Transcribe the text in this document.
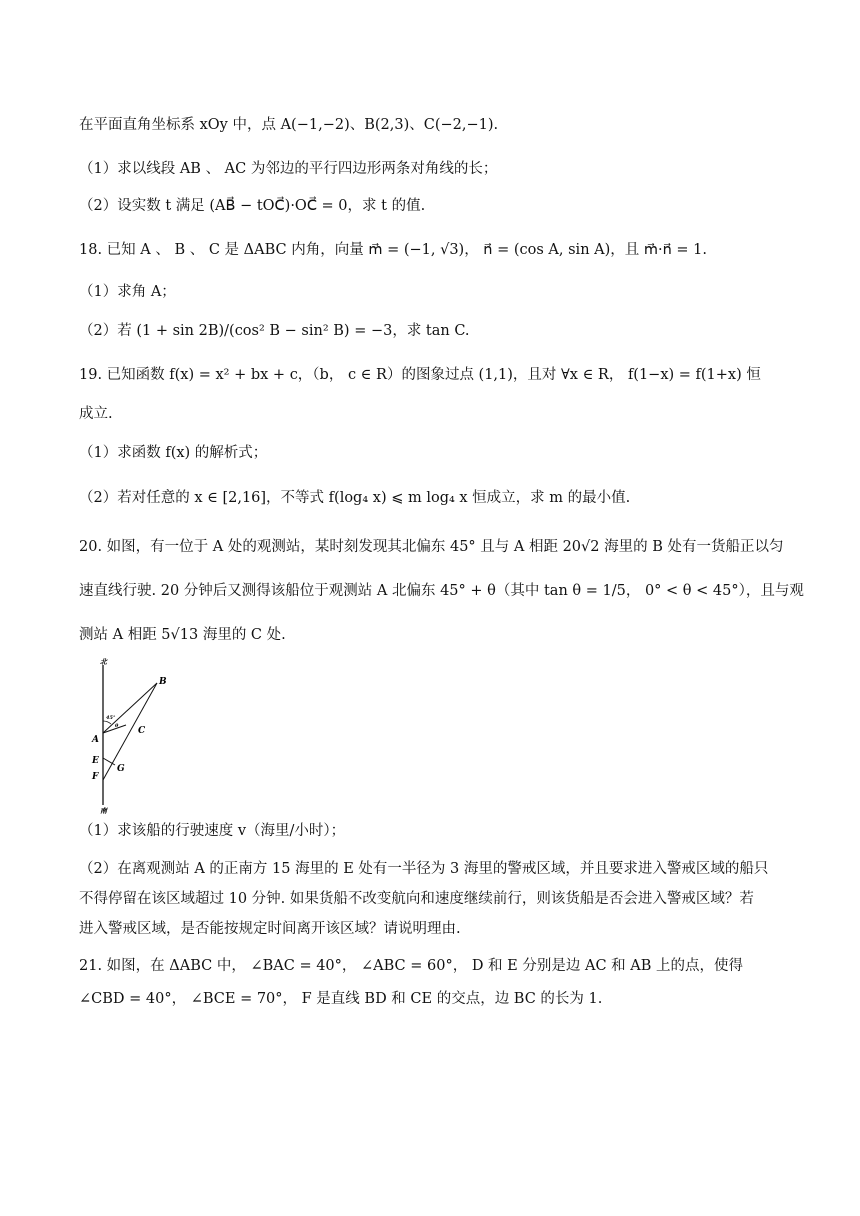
在平面直角坐标系 xOy 中，点 A(−1,−2)、B(2,3)、C(−2,−1).
（1）求以线段 AB 、 AC 为邻边的平行四边形两条对角线的长；
（2）设实数 t 满足 (AB⃗ − tOC⃗)·OC⃗ = 0，求 t 的值.
18. 已知 A 、 B 、 C 是 ΔABC 内角，向量 m⃗ = (−1, √3)， n⃗ = (cos A, sin A)，且 m⃗·n⃗ = 1.
（1）求角 A；
（2）若 (1 + sin 2B)/(cos² B − sin² B) = −3，求 tan C.
19. 已知函数 f(x) = x² + bx + c，（b， c ∈ R）的图象过点 (1,1)，且对 ∀x ∈ R， f(1−x) = f(1+x) 恒
成立.
（1）求函数 f(x) 的解析式；
（2）若对任意的 x ∈ [2,16]，不等式 f(log₄ x) ⩽ m log₄ x 恒成立，求 m 的最小值.
20. 如图，有一位于 A 处的观测站，某时刻发现其北偏东 45° 且与 A 相距 20√2 海里的 B 处有一货船正以匀
速直线行驶. 20 分钟后又测得该船位于观测站 A 北偏东 45° + θ（其中 tan θ = 1/5， 0° < θ < 45°），且与观
测站 A 相距 5√13 海里的 C 处.
北
南
45°
θ
B
C
A
E
F
G
（1）求该船的行驶速度 v（海里/小时）；
（2）在离观测站 A 的正南方 15 海里的 E 处有一半径为 3 海里的警戒区域，并且要求进入警戒区域的船只
不得停留在该区域超过 10 分钟. 如果货船不改变航向和速度继续前行，则该货船是否会进入警戒区域？若
进入警戒区域，是否能按规定时间离开该区域？请说明理由.
21. 如图，在 ΔABC 中， ∠BAC = 40°， ∠ABC = 60°， D 和 E 分别是边 AC 和 AB 上的点，使得
∠CBD = 40°， ∠BCE = 70°， F 是直线 BD 和 CE 的交点，边 BC 的长为 1.
